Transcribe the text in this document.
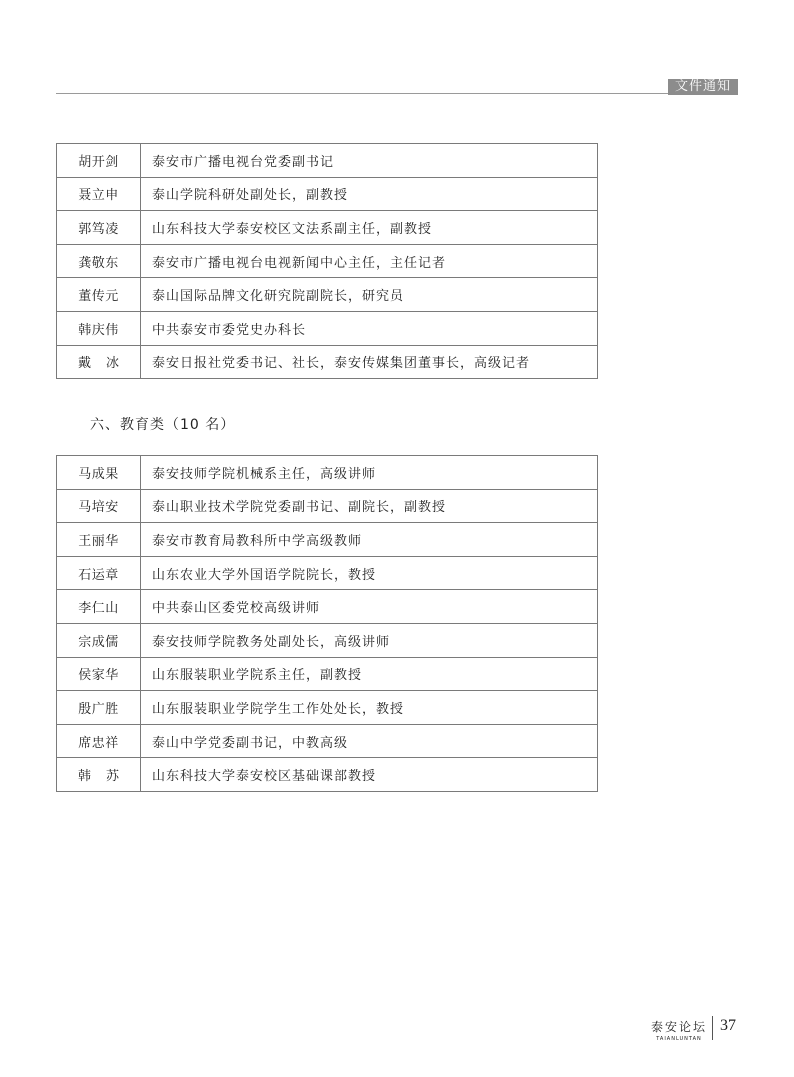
文件通知
胡开剑	泰安市广播电视台党委副书记
聂立申	泰山学院科研处副处长，副教授
郭笃凌	山东科技大学泰安校区文法系副主任，副教授
龚敬东	泰安市广播电视台电视新闻中心主任，主任记者
董传元	泰山国际品牌文化研究院副院长，研究员
韩庆伟	中共泰安市委党史办科长
戴冰	泰安日报社党委书记、社长，泰安传媒集团董事长，高级记者
六、教育类（10 名）
马成果	泰安技师学院机械系主任，高级讲师
马培安	泰山职业技术学院党委副书记、副院长，副教授
王丽华	泰安市教育局教科所中学高级教师
石运章	山东农业大学外国语学院院长，教授
李仁山	中共泰山区委党校高级讲师
宗成儒	泰安技师学院教务处副处长，高级讲师
侯家华	山东服装职业学院系主任，副教授
殷广胜	山东服装职业学院学生工作处处长，教授
席忠祥	泰山中学党委副书记，中教高级
韩苏	山东科技大学泰安校区基础课部教授
泰安论坛
TAIANLUNTAN
37
